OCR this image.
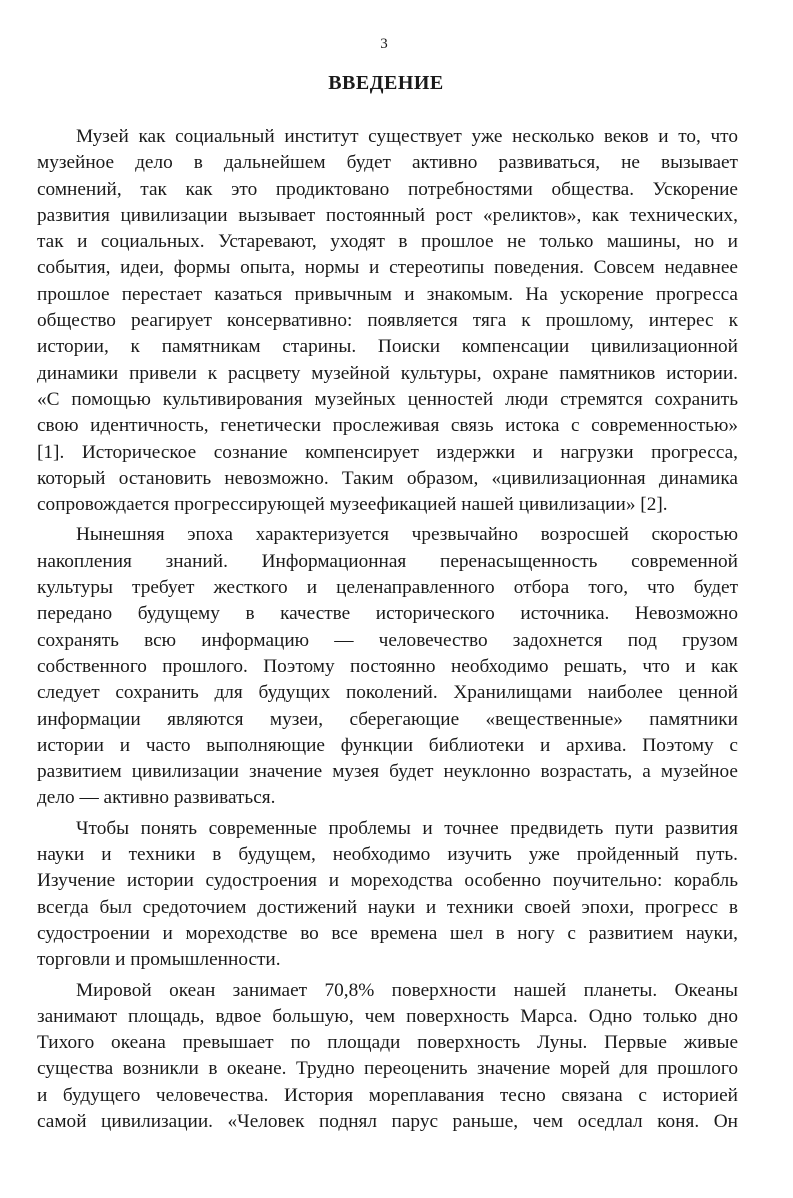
3
ВВЕДЕНИЕ

Музей как социальный институт существует уже несколько веков и то, что
музейное дело в дальнейшем будет активно развиваться, не вызывает
сомнений, так как это продиктовано потребностями общества. Ускорение
развития цивилизации вызывает постоянный рост «реликтов», как технических,
так и социальных. Устаревают, уходят в прошлое не только машины, но и
события, идеи, формы опыта, нормы и стереотипы поведения. Совсем недавнее
прошлое перестает казаться привычным и знакомым. На ускорение прогресса
общество реагирует консервативно: появляется тяга к прошлому, интерес к
истории, к памятникам старины. Поиски компенсации цивилизационной
динамики привели к расцвету музейной культуры, охране памятников истории.
«С помощью культивирования музейных ценностей люди стремятся сохранить
свою идентичность, генетически прослеживая связь истока с современностью»
[1]. Историческое сознание компенсирует издержки и нагрузки прогресса,
который остановить невозможно. Таким образом, «цивилизационная динамика
сопровождается прогрессирующей музеефикацией нашей цивилизации» [2].

Нынешняя эпоха характеризуется чрезвычайно возросшей скоростью
накопления знаний. Информационная перенасыщенность современной
культуры требует жесткого и целенаправленного отбора того, что будет
передано будущему в качестве исторического источника. Невозможно
сохранять всю информацию — человечество задохнется под грузом
собственного прошлого. Поэтому постоянно необходимо решать, что и как
следует сохранить для будущих поколений. Хранилищами наиболее ценной
информации являются музеи, сберегающие «вещественные» памятники
истории и часто выполняющие функции библиотеки и архива. Поэтому с
развитием цивилизации значение музея будет неуклонно возрастать, а музейное
дело — активно развиваться.

Чтобы понять современные проблемы и точнее предвидеть пути развития
науки и техники в будущем, необходимо изучить уже пройденный путь.
Изучение истории судостроения и мореходства особенно поучительно: корабль
всегда был средоточием достижений науки и техники своей эпохи, прогресс в
судостроении и мореходстве во все времена шел в ногу с развитием науки,
торговли и промышленности.

Мировой океан занимает 70,8% поверхности нашей планеты. Океаны
занимают площадь, вдвое большую, чем поверхность Марса. Одно только дно
Тихого океана превышает по площади поверхность Луны. Первые живые
существа возникли в океане. Трудно переоценить значение морей для прошлого
и будущего человечества. История мореплавания тесно связана с историей
самой цивилизации. «Человек поднял парус раньше, чем оседлал коня. Он
